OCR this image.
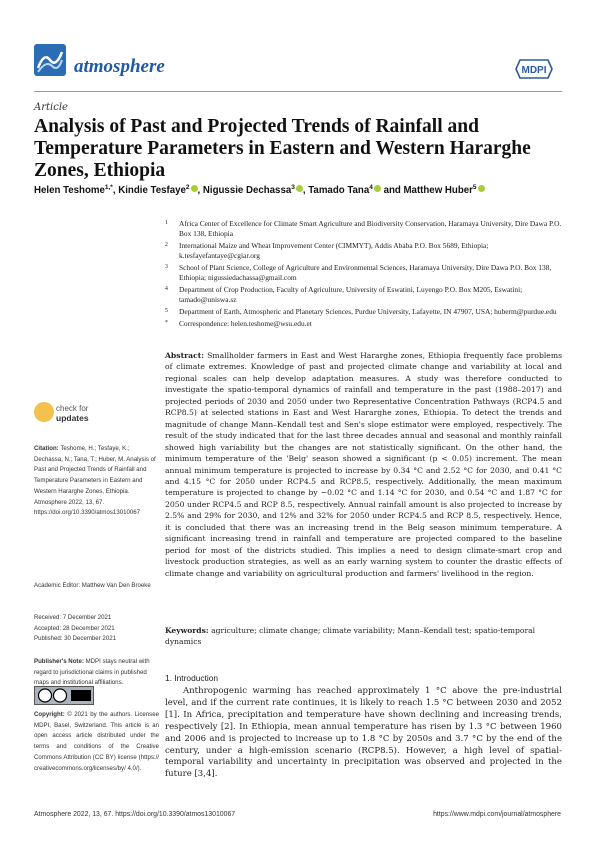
atmosphere	MDPI
Article
Analysis of Past and Projected Trends of Rainfall and Temperature Parameters in Eastern and Western Hararghe Zones, Ethiopia
Helen Teshome$^{1,*}$, Kindie Tesfaye$^2$ , Nigussie Dechassa$^3$ , Tamado Tana$^4$ and Matthew Huber$^5$
1	Africa Center of Excellence for Climate Smart Agriculture and Biodiversity Conservation, Haramaya University, Dire Dawa P.O. Box 138, Ethiopia
2	International Maize and Wheat Improvement Center (CIMMYT), Addis Ababa P.O. Box 5689, Ethiopia; k.tesfayefantaye@cgiar.org
3	School of Plant Science, College of Agriculture and Environmental Sciences, Haramaya University, Dire Dawa P.O. Box 138, Ethiopia; nigussiedachassa@gmail.com
4	Department of Crop Production, Faculty of Agriculture, University of Eswatini, Luyengo P.O. Box M205, Eswatini; tamado@uniswa.sz
5	Department of Earth, Atmospheric and Planetary Sciences, Purdue University, Lafayette, IN 47907, USA; huberm@purdue.edu
*	Correspondence: helen.teshome@wsu.edu.et
Abstract: Smallholder farmers in East and West Hararghe zones, Ethiopia frequently face problems of climate extremes. Knowledge of past and projected climate change and variability at local and regional scales can help develop adaptation measures. A study was therefore conducted to investigate the spatio-temporal dynamics of rainfall and temperature in the past (1988–2017) and projected periods of 2030 and 2050 under two Representative Concentration Pathways (RCP4.5 and RCP8.5) at selected stations in East and West Hararghe zones, Ethiopia. To detect the trends and magnitude of change Mann–Kendall test and Sen's slope estimator were employed, respectively. The result of the study indicated that for the last three decades annual and seasonal and monthly rainfall showed high variability but the changes are not statistically significant. On the other hand, the minimum temperature of the 'Belg' season showed a significant (p < 0.05) increment. The mean annual minimum temperature is projected to increase by 0.34 °C and 2.52 °C for 2030, and 0.41 °C and 4.15 °C for 2050 under RCP4.5 and RCP8.5, respectively. Additionally, the mean maximum temperature is projected to change by −0.02 °C and 1.14 °C for 2030, and 0.54 °C and 1.87 °C for 2050 under RCP4.5 and RCP 8.5, respectively. Annual rainfall amount is also projected to increase by 2.5% and 29% for 2030, and 12% and 32% for 2050 under RCP4.5 and RCP 8.5, respectively. Hence, it is concluded that there was an increasing trend in the Belg season minimum temperature. A significant increasing trend in rainfall and temperature are projected compared to the baseline period for most of the districts studied. This implies a need to design climate-smart crop and livestock production strategies, as well as an early warning system to counter the drastic effects of climate change and variability on agricultural production and farmers' livelihood in the region.
Keywords: agriculture; climate change; climate variability; Mann–Kendall test; spatio-temporal dynamics
check for
updates
Citation: Teshome, H.; Tesfaye, K.; Dechassa, N.; Tana, T.; Huber, M. Analysis of Past and Projected Trends of Rainfall and Temperature Parameters in Eastern and Western Hararghe Zones, Ethiopia. Atmosphere 2022, 13, 67. https://doi.org/10.3390/atmos13010067
Academic Editor: Matthew Van Den Broeke
Received: 7 December 2021
Accepted: 28 December 2021
Published: 30 December 2021
Publisher's Note: MDPI stays neutral with regard to jurisdictional claims in published maps and institutional affiliations.
Copyright: © 2021 by the authors. Licensee MDPI, Basel, Switzerland. This article is an open access article distributed under the terms and conditions of the Creative Commons Attribution (CC BY) license (https:// creativecommons.org/licenses/by/ 4.0/).
1. Introduction
Anthropogenic warming has reached approximately 1 °C above the pre-industrial level, and if the current rate continues, it is likely to reach 1.5 °C between 2030 and 2052 [1]. In Africa, precipitation and temperature have shown declining and increasing trends, respectively [2]. In Ethiopia, mean annual temperature has risen by 1.3 °C between 1960 and 2006 and is projected to increase up to 1.8 °C by 2050s and 3.7 °C by the end of the century, under a high-emission scenario (RCP8.5). However, a high level of spatial-temporal variability and uncertainty in precipitation was observed and projected in the future [3,4].
Atmosphere 2022, 13, 67. https://doi.org/10.3390/atmos13010067	https://www.mdpi.com/journal/atmosphere
